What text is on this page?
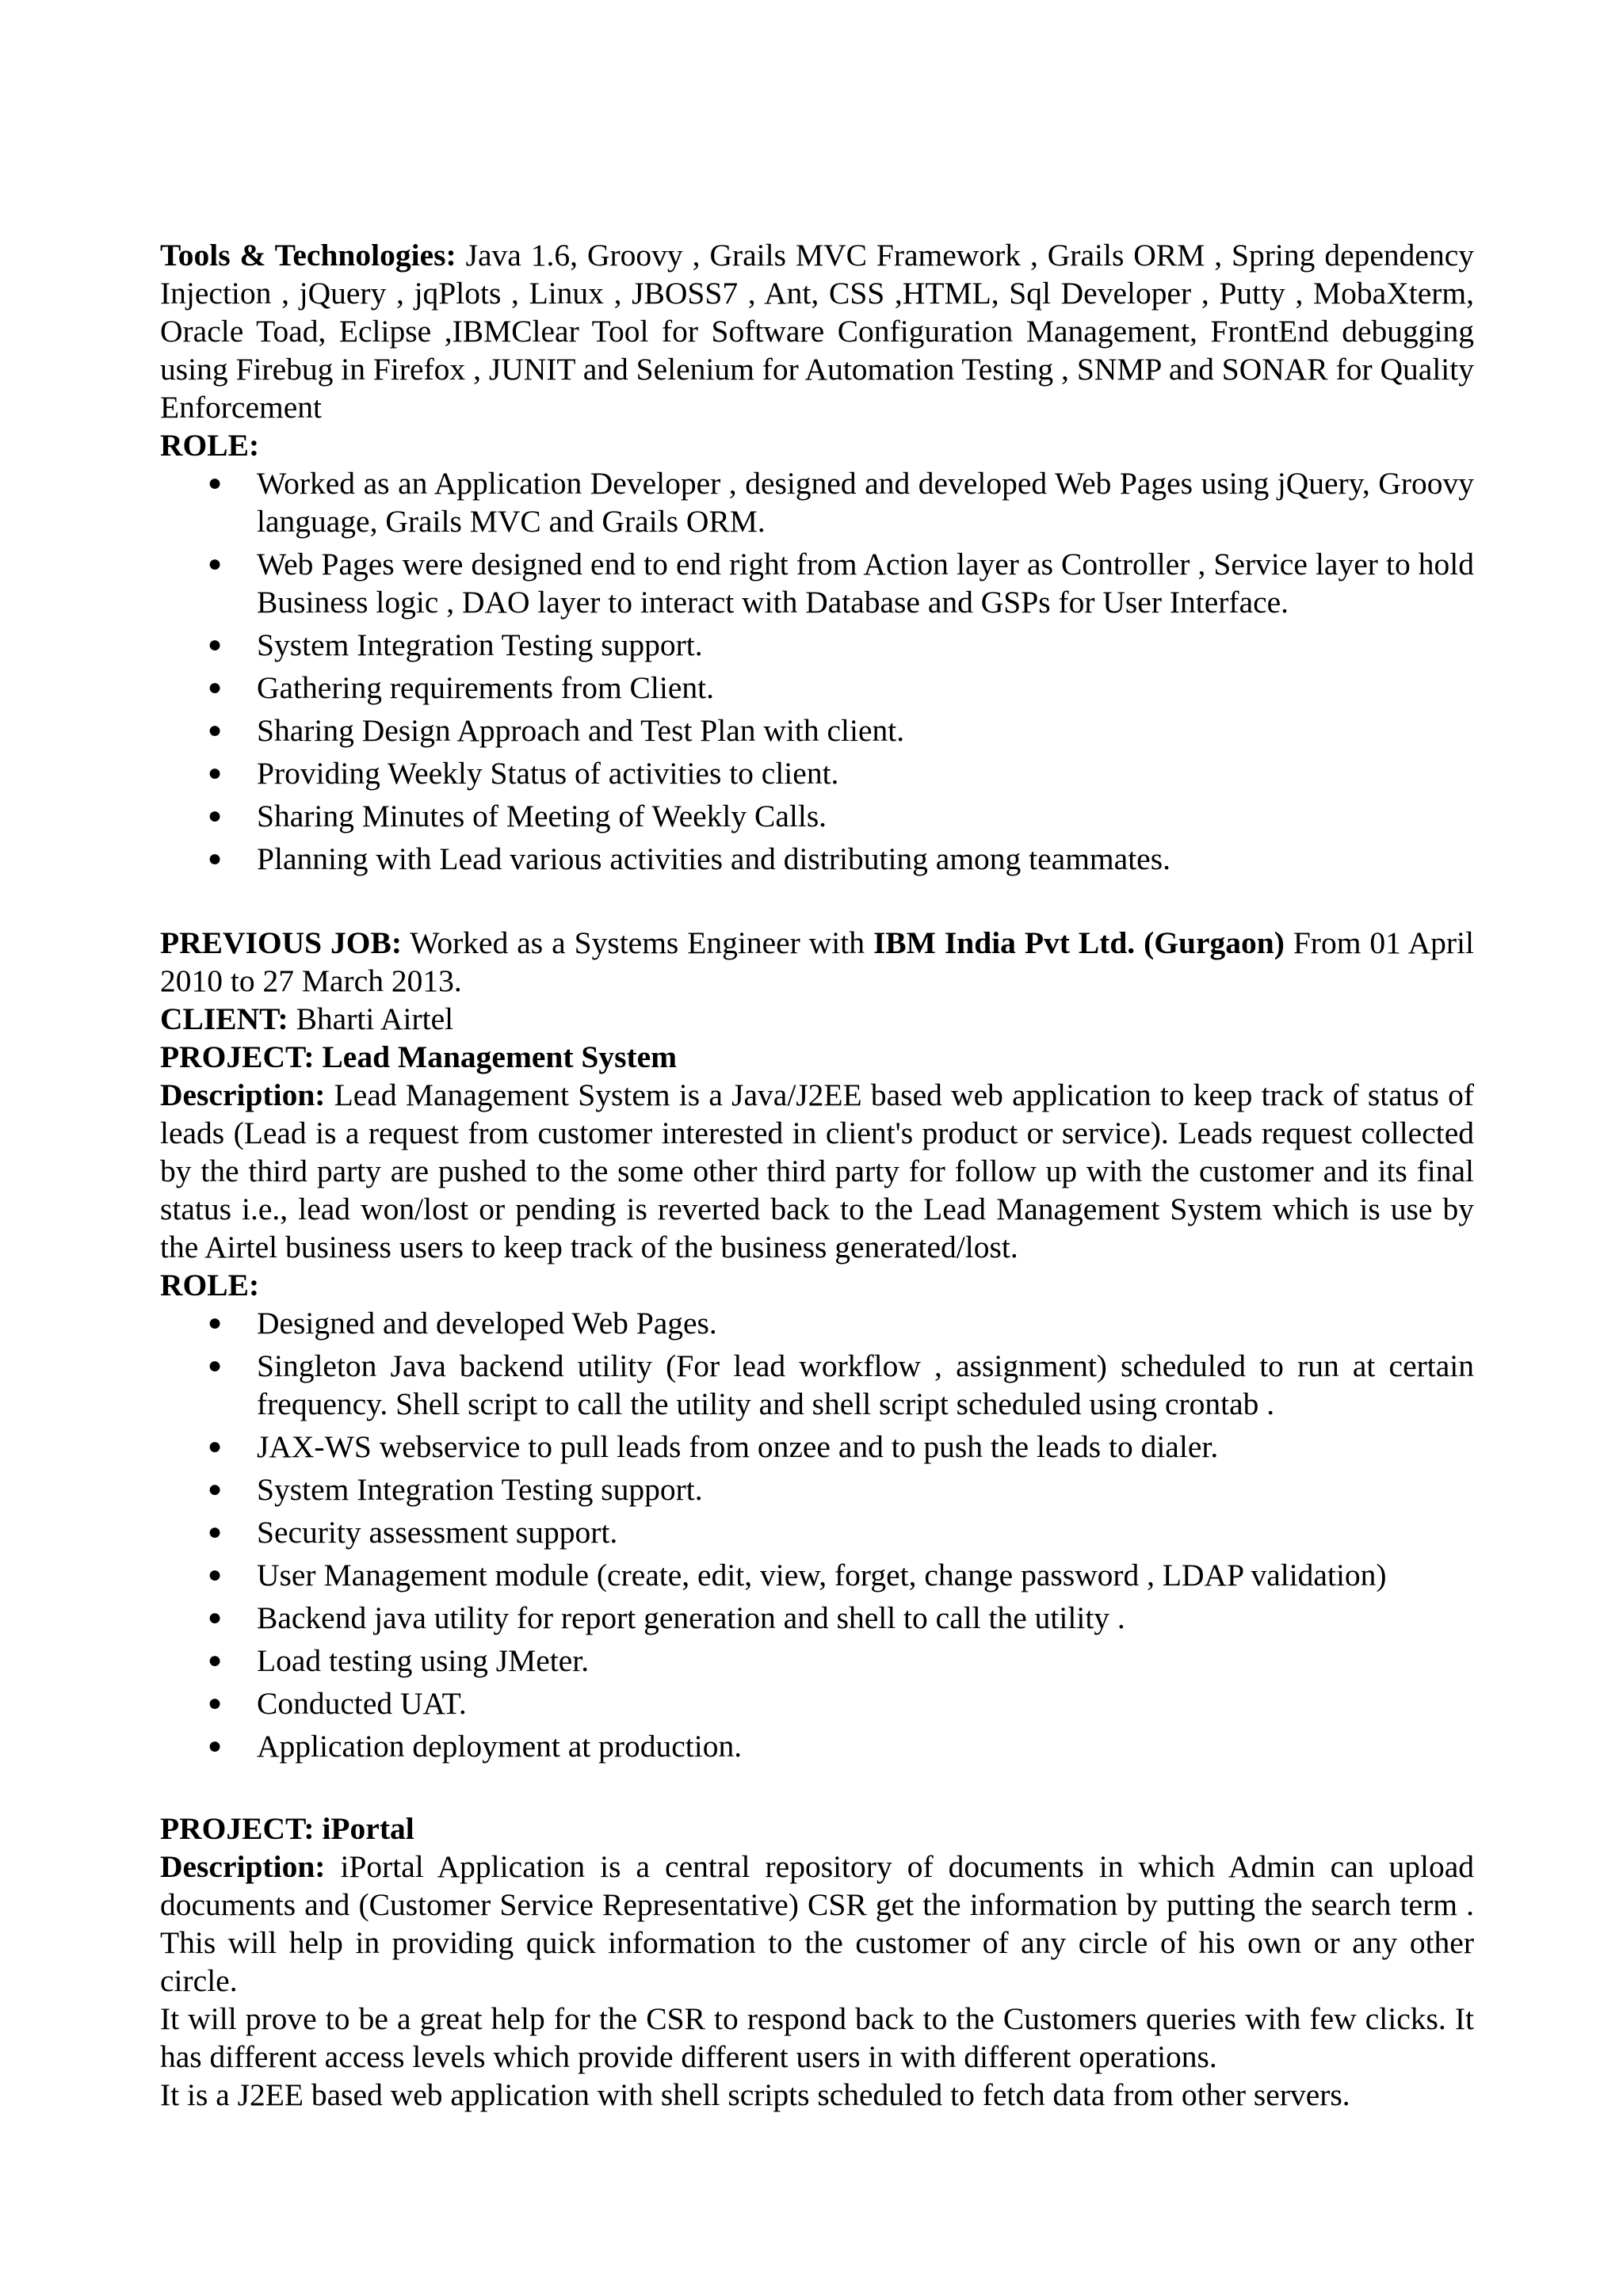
Tools & Technologies: Java 1.6, Groovy , Grails MVC Framework , Grails ORM , Spring dependency Injection , jQuery , jqPlots , Linux , JBOSS7 , Ant, CSS ,HTML, Sql Developer , Putty , MobaXterm, Oracle Toad, Eclipse ,IBMClear Tool for Software Configuration Management, FrontEnd debugging using Firebug in Firefox , JUNIT and Selenium for Automation Testing , SNMP and SONAR for Quality Enforcement

ROLE:

● Worked as an Application Developer , designed and developed Web Pages using jQuery, Groovy language, Grails MVC and Grails ORM.
● Web Pages were designed end to end right from Action layer as Controller , Service layer to hold Business logic , DAO layer to interact with Database and GSPs for User Interface.
● System Integration Testing support.
● Gathering requirements from Client.
● Sharing Design Approach and Test Plan with client.
● Providing Weekly Status of activities to client.
● Sharing Minutes of Meeting of Weekly Calls.
● Planning with Lead various activities and distributing among teammates.

PREVIOUS JOB: Worked as a Systems Engineer with IBM India Pvt Ltd. (Gurgaon) From 01 April 2010 to 27 March 2013.

CLIENT: Bharti Airtel

PROJECT: Lead Management System

Description: Lead Management System is a Java/J2EE based web application to keep track of status of leads (Lead is a request from customer interested in client's product or service). Leads request collected by the third party are pushed to the some other third party for follow up with the customer and its final status i.e., lead won/lost or pending is reverted back to the Lead Management System which is use by the Airtel business users to keep track of the business generated/lost.

ROLE:

● Designed and developed Web Pages.
● Singleton Java backend utility (For lead workflow , assignment) scheduled to run at certain frequency. Shell script to call the utility and shell script scheduled using crontab .
● JAX-WS webservice to pull leads from onzee and to push the leads to dialer.
● System Integration Testing support.
● Security assessment support.
● User Management module (create, edit, view, forget, change password , LDAP validation)
● Backend java utility for report generation and shell to call the utility .
● Load testing using JMeter.
● Conducted UAT.
● Application deployment at production.

PROJECT: iPortal

Description: iPortal Application is a central repository of documents in which Admin can upload documents and (Customer Service Representative) CSR get the information by putting the search term . This will help in providing quick information to the customer of any circle of his own or any other circle.

It will prove to be a great help for the CSR to respond back to the Customers queries with few clicks. It has different access levels which provide different users in with different operations.

It is a J2EE based web application with shell scripts scheduled to fetch data from other servers.
